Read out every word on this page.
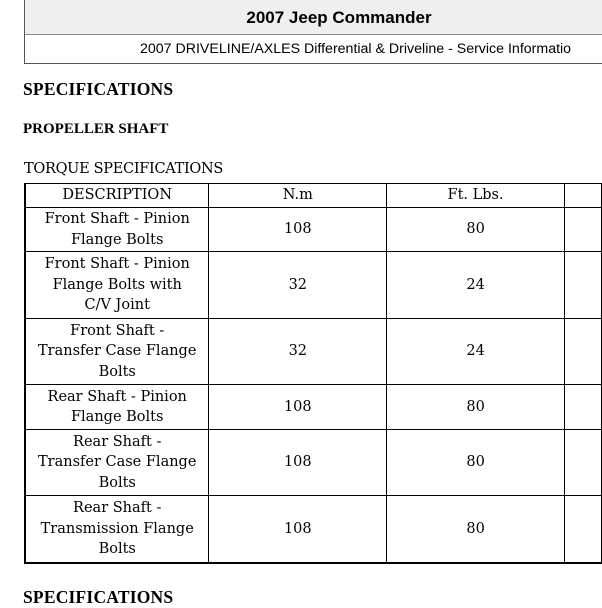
2007 Jeep Commander
2007 DRIVELINE/AXLES Differential & Driveline - Service Informatio
SPECIFICATIONS
PROPELLER SHAFT
TORQUE SPECIFICATIONS
DESCRIPTION	N.m	Ft. Lbs.	
Front Shaft - Pinion
Flange Bolts	108	80	
Front Shaft - Pinion
Flange Bolts with
C/V Joint	32	24	
Front Shaft -
Transfer Case Flange
Bolts	32	24	
Rear Shaft - Pinion
Flange Bolts	108	80	
Rear Shaft -
Transfer Case Flange
Bolts	108	80	
Rear Shaft -
Transmission Flange
Bolts	108	80	
SPECIFICATIONS
